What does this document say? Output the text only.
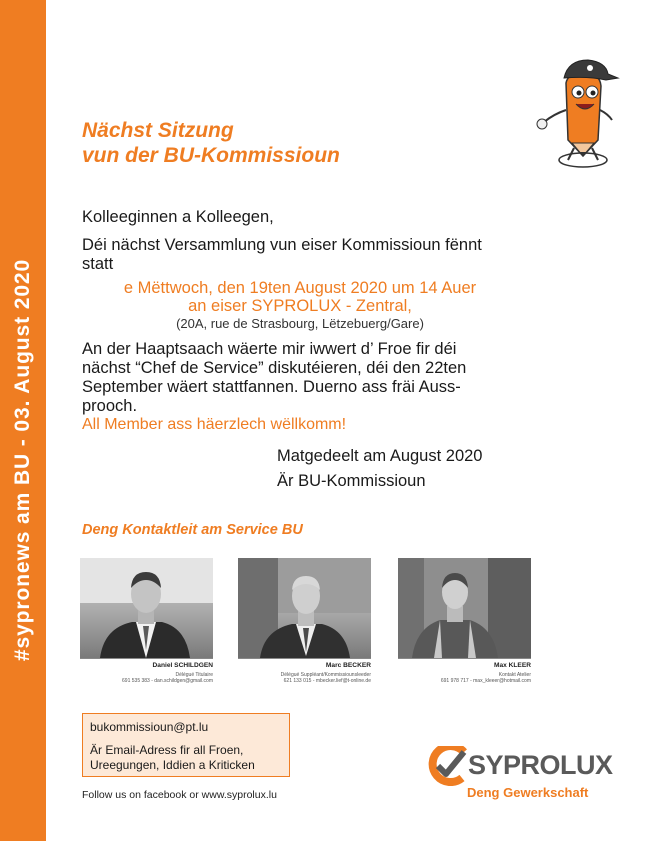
#sypronews am BU - 03. August 2020
Nächst Sitzung
vun der BU-Kommissioun
Kolleeginnen a Kolleegen,
Déi nächst Versammlung vun eiser Kommissioun fënnt
statt
e Mëttwoch, den 19ten August 2020 um 14 Auer
an eiser SYPROLUX - Zentral,
(20A, rue de Strasbourg, Lëtzebuerg/Gare)
An der Haaptsaach wäerte mir iwwert d’ Froe fir déi
nächst “Chef de Service” diskutéieren, déi den 22ten
September wäert stattfannen. Duerno ass fräi Auss-
prooch.
All Member ass häerzlech wëllkomm!
Matgedeelt am August 2020
Är BU-Kommissioun
Deng Kontaktleit am Service BU
Daniel SCHILDGEN
Délégué Titulaire
691 535 383 - dan.schildgen@gmail.com
Marc BECKER
Délégué Suppléant/Kommissiounsleeder
621 133 015 - mbecker.lief@t-online.de
Max KLEER
Kontakt Atelier
691 978 717 - max_kleeer@hotmail.com
bukommissioun@pt.lu
Är Email-Adress fir all Froen, Ureegungen, Iddien a Kriticken
Follow us on facebook or www.syprolux.lu
SYPROLUX
Deng Gewerkschaft
